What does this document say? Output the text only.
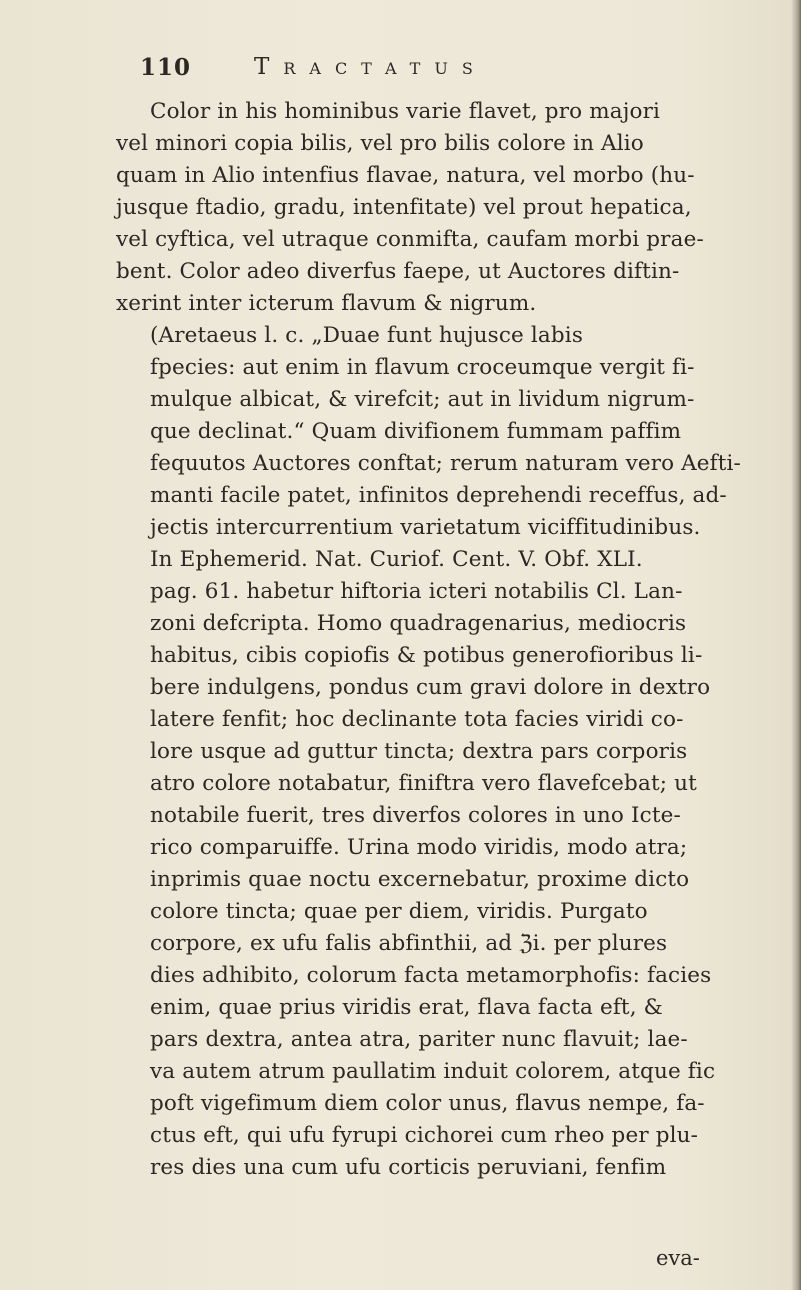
110	Tractatus
Color in his hominibus varie flavet, pro majori
vel minori copia bilis, vel pro bilis colore in Alio
quam in Alio intenfius flavae, natura, vel morbo (hu-
jusque ftadio, gradu, intenfitate) vel prout hepatica,
vel cyftica, vel utraque conmifta, caufam morbi prae-
bent. Color adeo diverfus faepe, ut Auctores diftin-
xerint inter icterum flavum & nigrum.
(Aretaeus l. c. „Duae funt hujusce labis
fpecies: aut enim in flavum croceumque vergit fi-
mulque albicat, & virefcit; aut in lividum nigrum-
que declinat.“ Quam divifionem fummam paffim
fequutos Auctores conftat; rerum naturam vero Aefti-
manti facile patet, infinitos deprehendi receffus, ad-
jectis intercurrentium varietatum viciffitudinibus.
In Ephemerid. Nat. Curiof. Cent. V. Obf. XLI.
pag. 61. habetur hiftoria icteri notabilis Cl. Lan-
zoni defcripta. Homo quadragenarius, mediocris
habitus, cibis copiofis & potibus generofioribus li-
bere indulgens, pondus cum gravi dolore in dextro
latere fenfit; hoc declinante tota facies viridi co-
lore usque ad guttur tincta; dextra pars corporis
atro colore notabatur, finiftra vero flavefcebat; ut
notabile fuerit, tres diverfos colores in uno Icte-
rico comparuiffe. Urina modo viridis, modo atra;
inprimis quae noctu excernebatur, proxime dicto
colore tincta; quae per diem, viridis. Purgato
corpore, ex ufu falis abfinthii, ad ℨi. per plures
dies adhibito, colorum facta metamorphofis: facies
enim, quae prius viridis erat, flava facta eft, &
pars dextra, antea atra, pariter nunc flavuit; lae-
va autem atrum paullatim induit colorem, atque fic
poft vigefimum diem color unus, flavus nempe, fa-
ctus eft, qui ufu fyrupi cichorei cum rheo per plu-
res dies una cum ufu corticis peruviani, fenfim
eva-
